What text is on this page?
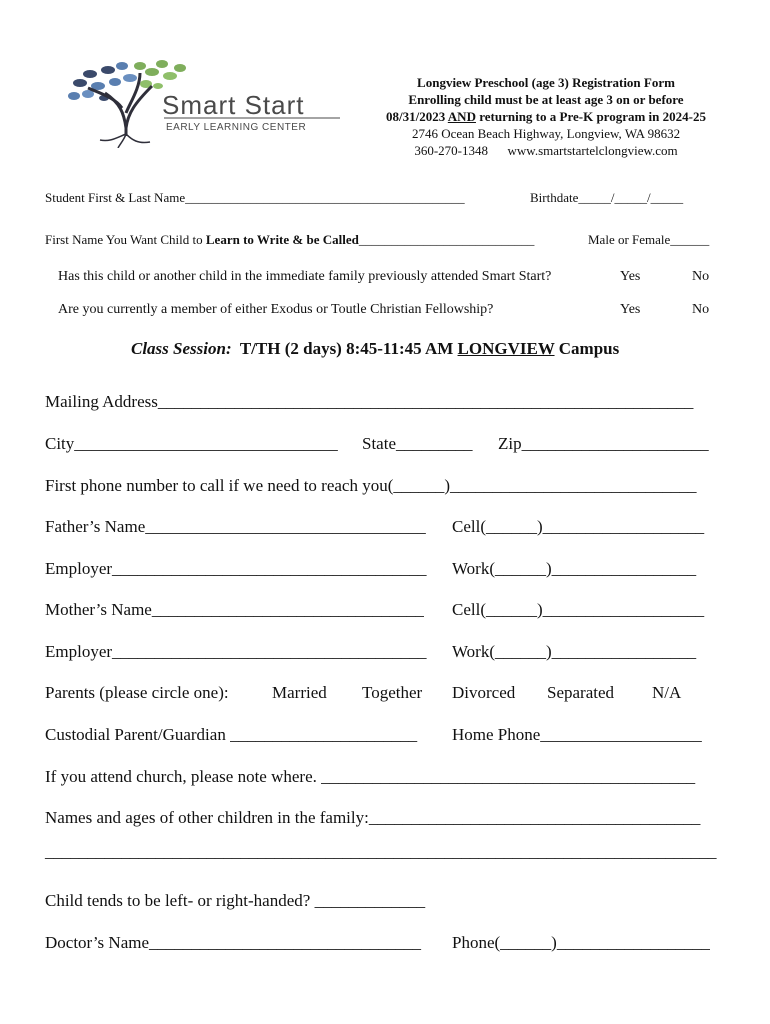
Smart Start
EARLY LEARNING CENTER
Longview Preschool (age 3) Registration Form
Enrolling child must be at least age 3 on or before
08/31/2023 AND returning to a Pre-K program in 2024-25
2746 Ocean Beach Highway, Longview, WA 98632
360-270-1348 www.smartstartelclongview.com
Student First & Last Name___________________________________________	Birthdate_____/_____/_____
First Name You Want Child to Learn to Write & be Called___________________________	Male or Female______
Has this child or another child in the immediate family previously attended Smart Start?	Yes	No
Are you currently a member of either Exodus or Toutle Christian Fellowship?	Yes	No
Class Session: T/TH (2 days) 8:45-11:45 AM LONGVIEW Campus
Mailing Address_______________________________________________________________
City_______________________________ State_________ Zip______________________
First phone number to call if we need to reach you(______)_____________________________
Father’s Name_________________________________ Cell(______)___________________
Employer_____________________________________ Work(______)_________________
Mother’s Name________________________________ Cell(______)___________________
Employer_____________________________________ Work(______)_________________
Parents (please circle one):	Married Together Divorced Separated N/A
Custodial Parent/Guardian ______________________ Home Phone___________________
If you attend church, please note where. ____________________________________________
Names and ages of other children in the family:_______________________________________
_______________________________________________________________________________
Child tends to be left- or right-handed? _____________
Doctor’s Name________________________________ Phone(______)__________________
